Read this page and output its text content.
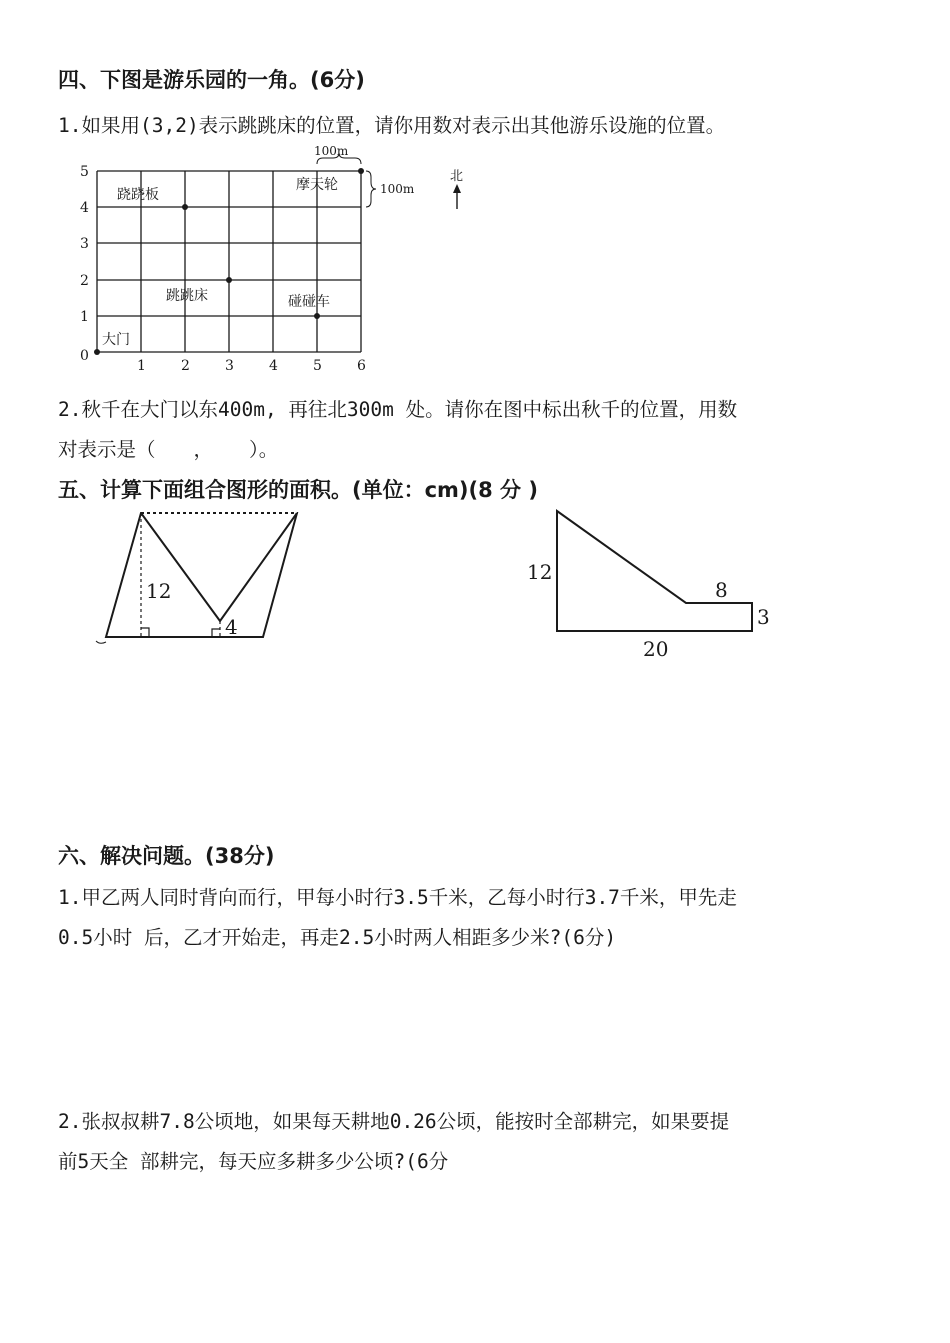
四、下图是游乐园的一角。(6分)
1.如果用(3,2)表示跳跳床的位置，请你用数对表示出其他游乐设施的位置。
5
4
3
2
1
0
1	2	3	4	5	6
跷跷板
跳跳床
摩天轮
碰碰车
大门
100m
100m
北
2.秋千在大门以东400m, 再往北300m 处。请你在图中标出秋千的位置，用数
对表示是（ ， ）。
五、计算下面组合图形的面积。(单位：cm)(8 分 )
12
4
12
8
3
20
六、解决问题。(38分)
1.甲乙两人同时背向而行，甲每小时行3.5千米，乙每小时行3.7千米，甲先走
0.5小时 后，乙才开始走，再走2.5小时两人相距多少米?(6分)
2.张叔叔耕7.8公顷地，如果每天耕地0.26公顷，能按时全部耕完，如果要提
前5天全 部耕完，每天应多耕多少公顷?(6分
